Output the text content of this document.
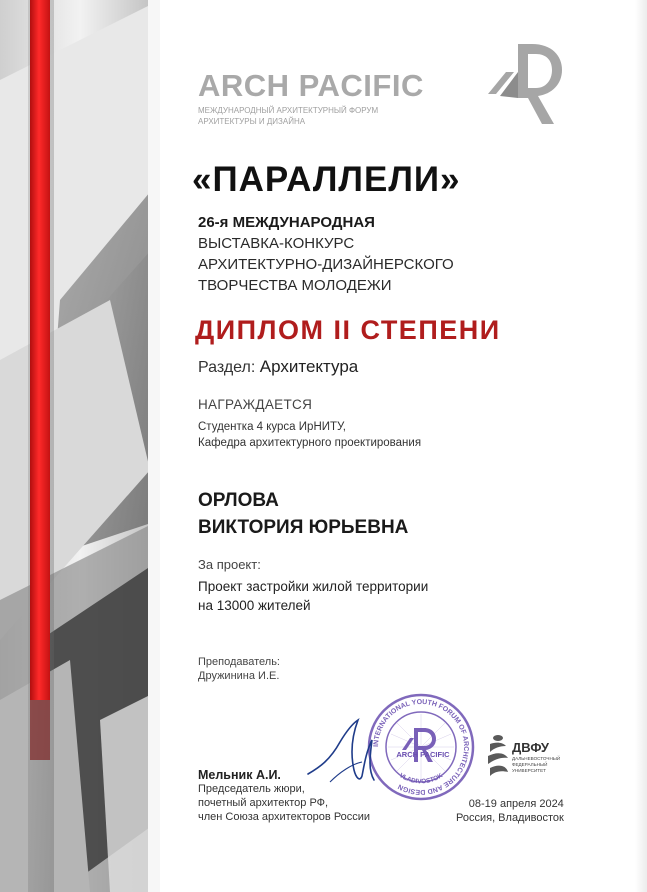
ARCH PACIFIC
МЕЖДУНАРОДНЫЙ АРХИТЕКТУРНЫЙ ФОРУМ
АРХИТЕКТУРЫ И ДИЗАЙНА
«ПАРАЛЛЕЛИ»
26-я МЕЖДУНАРОДНАЯ
ВЫСТАВКА-КОНКУРС
АРХИТЕКТУРНО-ДИЗАЙНЕРСКОГО
ТВОРЧЕСТВА МОЛОДЕЖИ
ДИПЛОМ II СТЕПЕНИ
Раздел: Архитектура
НАГРАЖДАЕТСЯ
Студентка 4 курса ИрНИТУ,
Кафедра архитектурного проектирования
ОРЛОВА
ВИКТОРИЯ ЮРЬЕВНА
За проект:
Проект застройки жилой территории
на 13000 жителей
Преподаватель:
Дружинина И.Е.
INTERNATIONAL YOUTH FORUM OF ARCHITECTURE AND DESIGN
VLADIVOSTOK
ARCH PACIFIC	ДВФУ
ДАЛЬНЕВОСТОЧНЫЙ
ФЕДЕРАЛЬНЫЙ
УНИВЕРСИТЕТ
Мельник А.И.
Председатель жюри,
почетный архитектор РФ,
член Союза архитекторов России
08-19 апреля 2024
Россия, Владивосток
